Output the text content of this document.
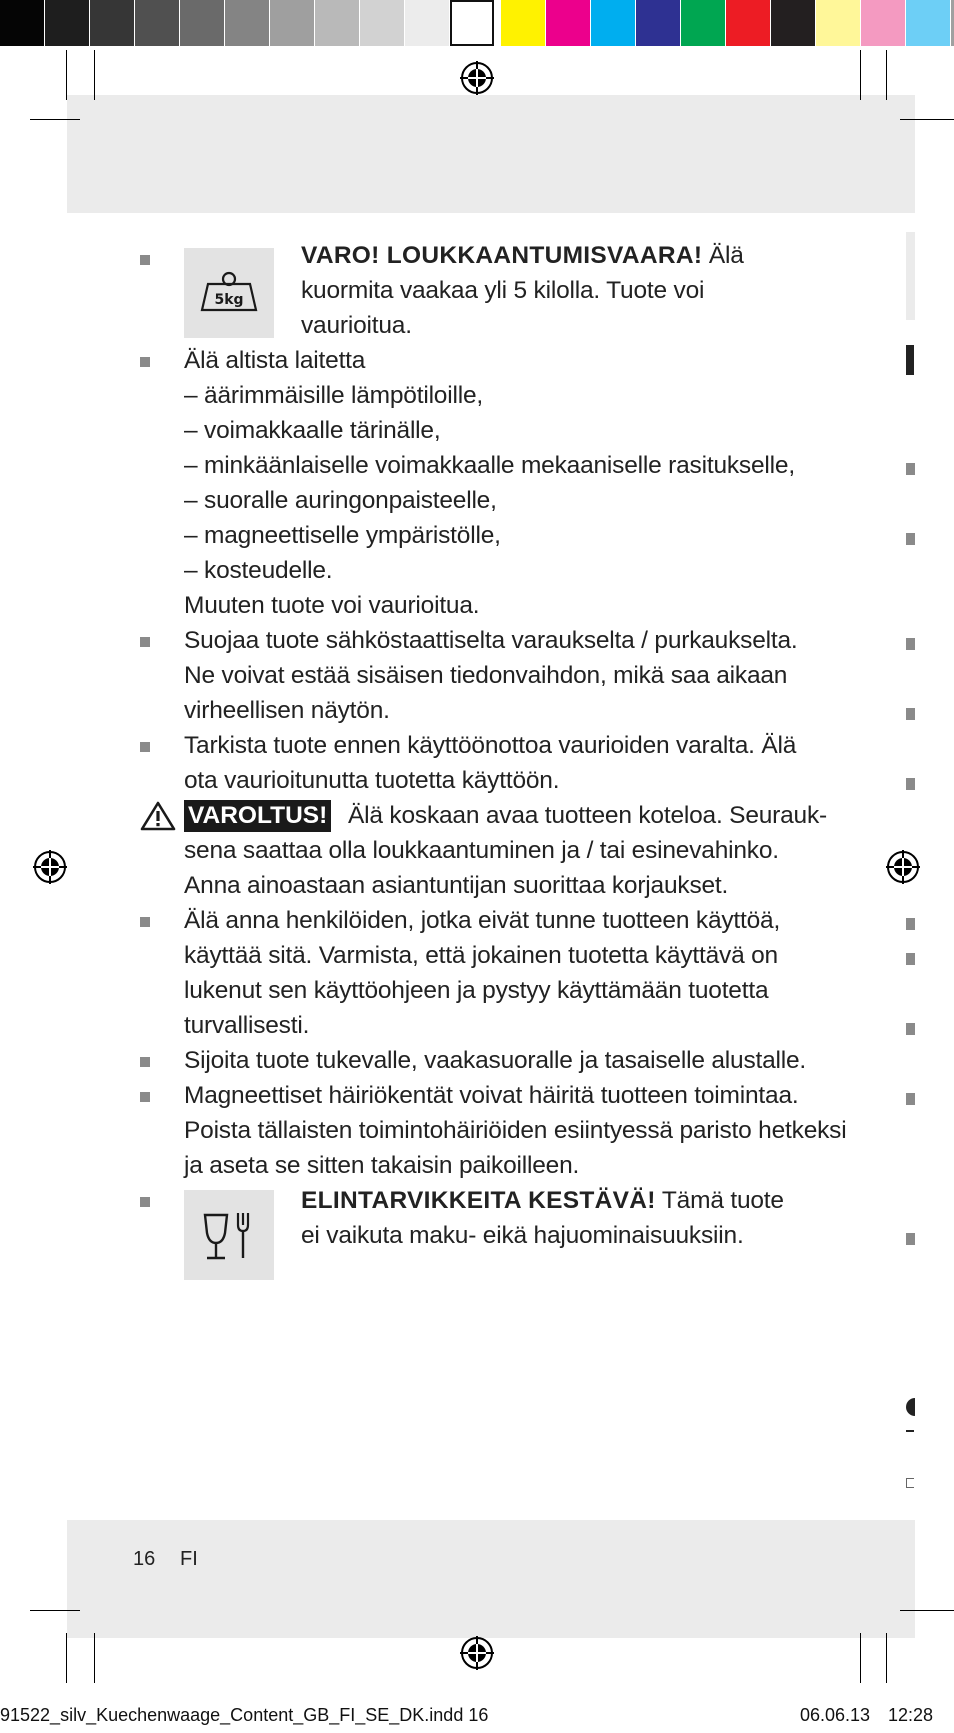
5kg
VARO! LOUKKAANTUMISVAARA! Älä
kuormita vaakaa yli 5 kilolla. Tuote voi
vaurioitua.
Älä altista laitetta
– äärimmäisille lämpötiloille,
– voimakkaalle tärinälle,
– minkäänlaiselle voimakkaalle mekaaniselle rasitukselle,
– suoralle auringonpaisteelle,
– magneettiselle ympäristölle,
– kosteudelle.
Muuten tuote voi vaurioitua.
Suojaa tuote sähköstaattiselta varaukselta / purkaukselta.
Ne voivat estää sisäisen tiedonvaihdon, mikä saa aikaan
virheellisen näytön.
Tarkista tuote ennen käyttöönottoa vaurioiden varalta. Älä
ota vaurioitunutta tuotetta käyttöön.
VAROLTUS! Älä koskaan avaa tuotteen koteloa. Seurauk-
sena saattaa olla loukkaantuminen ja / tai esinevahinko.
Anna ainoastaan asiantuntijan suorittaa korjaukset.
Älä anna henkilöiden, jotka eivät tunne tuotteen käyttöä,
käyttää sitä. Varmista, että jokainen tuotetta käyttävä on
lukenut sen käyttöohjeen ja pystyy käyttämään tuotetta
turvallisesti.
Sijoita tuote tukevalle, vaakasuoralle ja tasaiselle alustalle.
Magneettiset häiriökentät voivat häiritä tuotteen toimintaa.
Poista tällaisten toimintohäiriöiden esiintyessä paristo hetkeksi
ja aseta se sitten takaisin paikoilleen.
ELINTARVIKKEITA KESTÄVÄ! Tämä tuote
ei vaikuta maku- eikä hajuominaisuuksiin.
16 FI
91522_silv_Kuechenwaage_Content_GB_FI_SE_DK.indd 16	06.06.13 12:28
